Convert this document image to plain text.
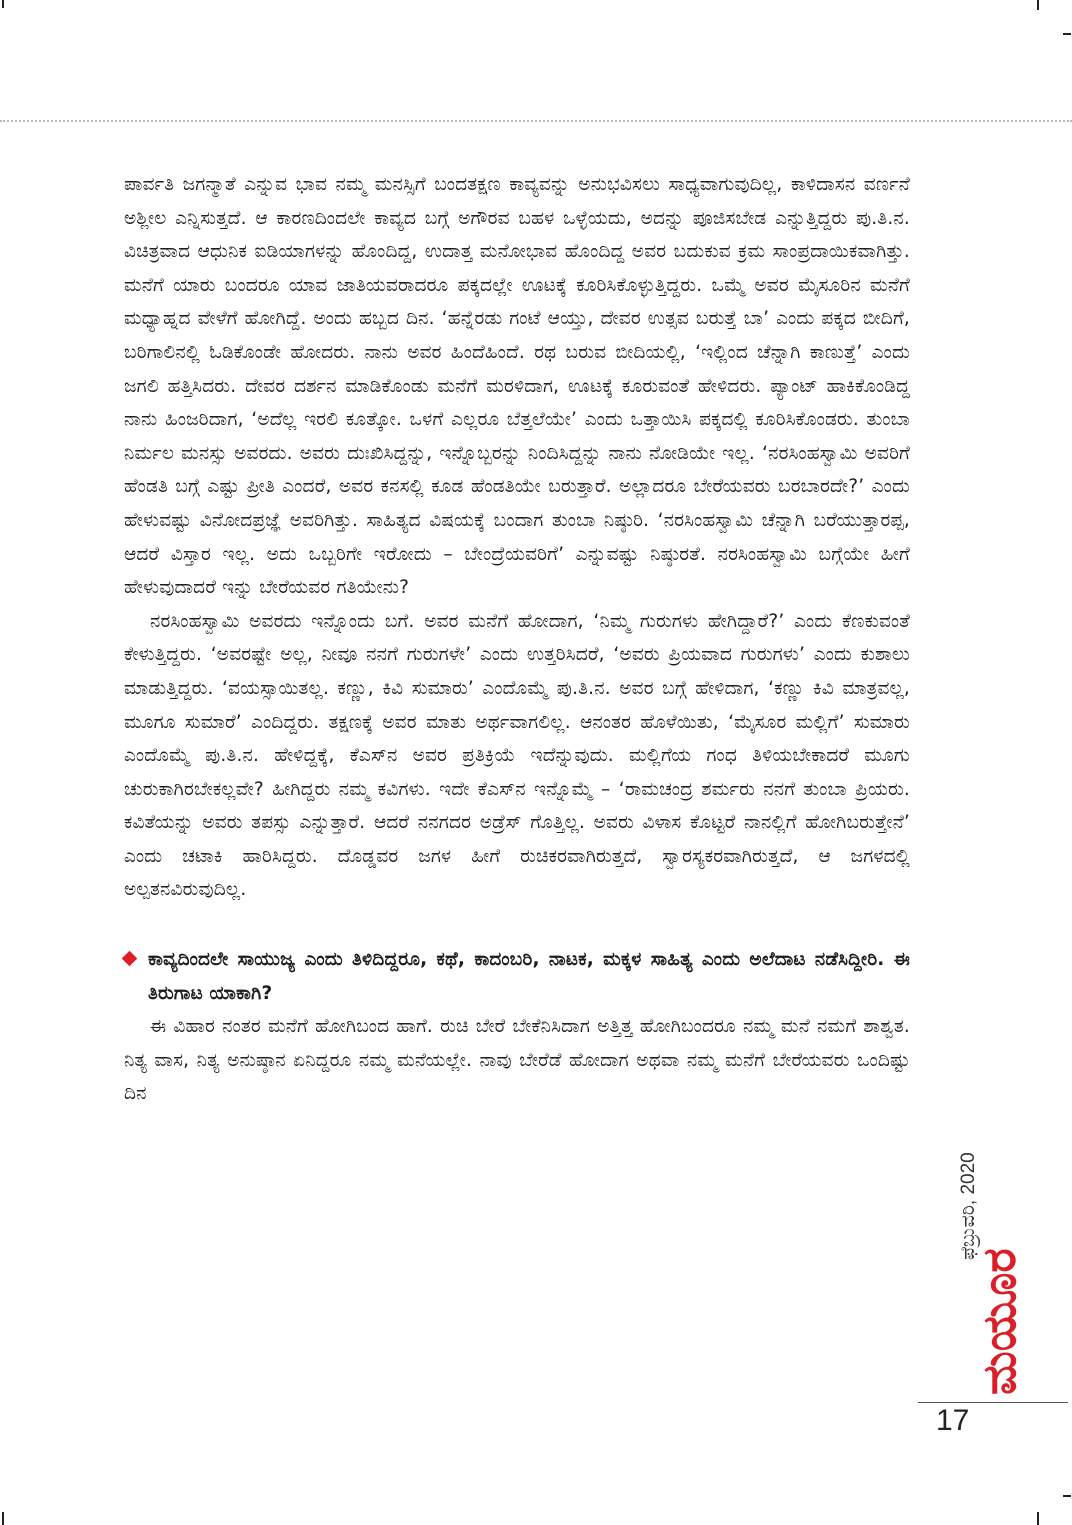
ಪಾರ್ವತಿ ಜಗನ್ಮಾತೆ ಎನ್ನುವ ಭಾವ ನಮ್ಮ ಮನಸ್ಸಿಗೆ ಬಂದತಕ್ಷಣ ಕಾವ್ಯವನ್ನು ಅನುಭವಿಸಲು ಸಾಧ್ಯವಾಗುವುದಿಲ್ಲ, ಕಾಳಿದಾಸನ ವರ್ಣನೆ ಅಶ್ಲೀಲ ಎನ್ನಿಸುತ್ತದೆ. ಆ ಕಾರಣದಿಂದಲೇ ಕಾವ್ಯದ ಬಗ್ಗೆ ಅಗೌರವ ಬಹಳ ಒಳ್ಳೆಯದು, ಅದನ್ನು ಪೂಜಿಸಬೇಡ ಎನ್ನುತ್ತಿದ್ದರು ಪು.ತಿ.ನ. ವಿಚಿತ್ರವಾದ ಆಧುನಿಕ ಐಡಿಯಾಗಳನ್ನು ಹೊಂದಿದ್ದ, ಉದಾತ್ತ ಮನೋಭಾವ ಹೊಂದಿದ್ದ ಅವರ ಬದುಕುವ ಕ್ರಮ ಸಾಂಪ್ರದಾಯಿಕವಾಗಿತ್ತು. ಮನೆಗೆ ಯಾರು ಬಂದರೂ ಯಾವ ಜಾತಿಯವರಾದರೂ ಪಕ್ಕದಲ್ಲೇ ಊಟಕ್ಕೆ ಕೂರಿಸಿಕೊಳ್ಳುತ್ತಿದ್ದರು. ಒಮ್ಮೆ ಅವರ ಮೈಸೂರಿನ ಮನೆಗೆ ಮಧ್ಯಾಹ್ನದ ವೇಳೆಗೆ ಹೋಗಿದ್ದೆ. ಅಂದು ಹಬ್ಬದ ದಿನ. ‘ಹನ್ನೆರಡು ಗಂಟೆ ಆಯ್ತು, ದೇವರ ಉತ್ಸವ ಬರುತ್ತೆ ಬಾ’ ಎಂದು ಪಕ್ಕದ ಬೀದಿಗೆ, ಬರಿಗಾಲಿನಲ್ಲಿ ಓಡಿಕೊಂಡೇ ಹೋದರು. ನಾನು ಅವರ ಹಿಂದೆಹಿಂದೆ. ರಥ ಬರುವ ಬೀದಿಯಲ್ಲಿ, ‘ಇಲ್ಲಿಂದ ಚೆನ್ನಾಗಿ ಕಾಣುತ್ತೆ’ ಎಂದು ಜಗಲಿ ಹತ್ತಿಸಿದರು. ದೇವರ ದರ್ಶನ ಮಾಡಿಕೊಂಡು ಮನೆಗೆ ಮರಳಿದಾಗ, ಊಟಕ್ಕೆ ಕೂರುವಂತೆ ಹೇಳಿದರು. ಪ್ಯಾಂಟ್ ಹಾಕಿಕೊಂಡಿದ್ದ ನಾನು ಹಿಂಜರಿದಾಗ, ‘ಅದೆಲ್ಲ ಇರಲಿ ಕೂತ್ಕೋ. ಒಳಗೆ ಎಲ್ಲರೂ ಬೆತ್ತಲೆಯೇ’ ಎಂದು ಒತ್ತಾಯಿಸಿ ಪಕ್ಕದಲ್ಲಿ ಕೂರಿಸಿಕೊಂಡರು. ತುಂಬಾ ನಿರ್ಮಲ ಮನಸ್ಸು ಅವರದು. ಅವರು ದುಃಖಿಸಿದ್ದನ್ನು, ಇನ್ನೊಬ್ಬರನ್ನು ನಿಂದಿಸಿದ್ದನ್ನು ನಾನು ನೋಡಿಯೇ ಇಲ್ಲ. ‘ನರಸಿಂಹಸ್ವಾಮಿ ಅವರಿಗೆ ಹೆಂಡತಿ ಬಗ್ಗೆ ಎಷ್ಟು ಪ್ರೀತಿ ಎಂದರೆ, ಅವರ ಕನಸಲ್ಲಿ ಕೂಡ ಹೆಂಡತಿಯೇ ಬರುತ್ತಾರೆ. ಅಲ್ಲಾದರೂ ಬೇರೆಯವರು ಬರಬಾರದೇ?’ ಎಂದು ಹೇಳುವಷ್ಟು ವಿನೋದಪ್ರಜ್ಞೆ ಅವರಿಗಿತ್ತು. ಸಾಹಿತ್ಯದ ವಿಷಯಕ್ಕೆ ಬಂದಾಗ ತುಂಬಾ ನಿಷ್ಠುರಿ. ‘ನರಸಿಂಹಸ್ವಾಮಿ ಚೆನ್ನಾಗಿ ಬರೆಯುತ್ತಾರಪ್ಪ, ಆದರೆ ವಿಸ್ತಾರ ಇಲ್ಲ. ಅದು ಒಬ್ಬರಿಗೇ ಇರೋದು – ಬೇಂದ್ರೆಯವರಿಗೆ’ ಎನ್ನುವಷ್ಟು ನಿಷ್ಠುರತೆ. ನರಸಿಂಹಸ್ವಾಮಿ ಬಗ್ಗೆಯೇ ಹೀಗೆ ಹೇಳುವುದಾದರೆ ಇನ್ನು ಬೇರೆಯವರ ಗತಿಯೇನು?

ನರಸಿಂಹಸ್ವಾಮಿ ಅವರದು ಇನ್ನೊಂದು ಬಗೆ. ಅವರ ಮನೆಗೆ ಹೋದಾಗ, ‘ನಿಮ್ಮ ಗುರುಗಳು ಹೇಗಿದ್ದಾರೆ?’ ಎಂದು ಕೆಣಕುವಂತೆ ಕೇಳುತ್ತಿದ್ದರು. ‘ಅವರಷ್ಟೇ ಅಲ್ಲ, ನೀವೂ ನನಗೆ ಗುರುಗಳೇ’ ಎಂದು ಉತ್ತರಿಸಿದರೆ, ‘ಅವರು ಪ್ರಿಯವಾದ ಗುರುಗಳು’ ಎಂದು ಕುಶಾಲು ಮಾಡುತ್ತಿದ್ದರು. ‘ವಯಸ್ಸಾಯಿತಲ್ಲ. ಕಣ್ಣು, ಕಿವಿ ಸುಮಾರು’ ಎಂದೊಮ್ಮೆ ಪು.ತಿ.ನ. ಅವರ ಬಗ್ಗೆ ಹೇಳಿದಾಗ, ‘ಕಣ್ಣು ಕಿವಿ ಮಾತ್ರವಲ್ಲ, ಮೂಗೂ ಸುಮಾರೆ’ ಎಂದಿದ್ದರು. ತಕ್ಷಣಕ್ಕೆ ಅವರ ಮಾತು ಅರ್ಥವಾಗಲಿಲ್ಲ. ಆನಂತರ ಹೊಳೆಯಿತು, ‘ಮೈಸೂರ ಮಲ್ಲಿಗೆ’ ಸುಮಾರು ಎಂದೊಮ್ಮೆ ಪು.ತಿ.ನ. ಹೇಳಿದ್ದಕ್ಕೆ, ಕೆಎಸ್‌ನ ಅವರ ಪ್ರತಿಕ್ರಿಯೆ ಇದೆನ್ನುವುದು. ಮಲ್ಲಿಗೆಯ ಗಂಧ ತಿಳಿಯಬೇಕಾದರೆ ಮೂಗು ಚುರುಕಾಗಿರಬೇಕಲ್ಲವೇ? ಹೀಗಿದ್ದರು ನಮ್ಮ ಕವಿಗಳು. ಇದೇ ಕೆಎಸ್‌ನ ಇನ್ನೊಮ್ಮೆ – ‘ರಾಮಚಂದ್ರ ಶರ್ಮರು ನನಗೆ ತುಂಬಾ ಪ್ರಿಯರು. ಕವಿತೆಯನ್ನು ಅವರು ತಪಸ್ಸು ಎನ್ನುತ್ತಾರೆ. ಆದರೆ ನನಗದರ ಅಡ್ರೆಸ್ ಗೊತ್ತಿಲ್ಲ. ಅವರು ವಿಳಾಸ ಕೊಟ್ಟರೆ ನಾನಲ್ಲಿಗೆ ಹೋಗಿಬರುತ್ತೇನೆ’ ಎಂದು ಚಟಾಕಿ ಹಾರಿಸಿದ್ದರು. ದೊಡ್ಡವರ ಜಗಳ ಹೀಗೆ ರುಚಿಕರವಾಗಿರುತ್ತದೆ, ಸ್ವಾರಸ್ಯಕರವಾಗಿರುತ್ತದೆ, ಆ ಜಗಳದಲ್ಲಿ ಅಲ್ಪತನವಿರುವುದಿಲ್ಲ.

ಕಾವ್ಯದಿಂದಲೇ ಸಾಯುಜ್ಯ ಎಂದು ತಿಳಿದಿದ್ದರೂ, ಕಥೆ, ಕಾದಂಬರಿ, ನಾಟಕ, ಮಕ್ಕಳ ಸಾಹಿತ್ಯ ಎಂದು ಅಲೆದಾಟ ನಡೆಸಿದ್ದೀರಿ. ಈ ತಿರುಗಾಟ ಯಾಕಾಗಿ?

ಈ ವಿಹಾರ ನಂತರ ಮನೆಗೆ ಹೋಗಿಬಂದ ಹಾಗೆ. ರುಚಿ ಬೇರೆ ಬೇಕೆನಿಸಿದಾಗ ಅತ್ತಿತ್ತ ಹೋಗಿಬಂದರೂ ನಮ್ಮ ಮನೆ ನಮಗೆ ಶಾಶ್ವತ. ನಿತ್ಯ ವಾಸ, ನಿತ್ಯ ಅನುಷ್ಠಾನ ಏನಿದ್ದರೂ ನಮ್ಮ ಮನೆಯಲ್ಲೇ. ನಾವು ಬೇರೆಡೆ ಹೋದಾಗ ಅಥವಾ ನಮ್ಮ ಮನೆಗೆ ಬೇರೆಯವರು ಒಂದಿಷ್ಟು ದಿನ

ಫೆಬ್ರುವರಿ, 2020
ಮಯೂರ
17
